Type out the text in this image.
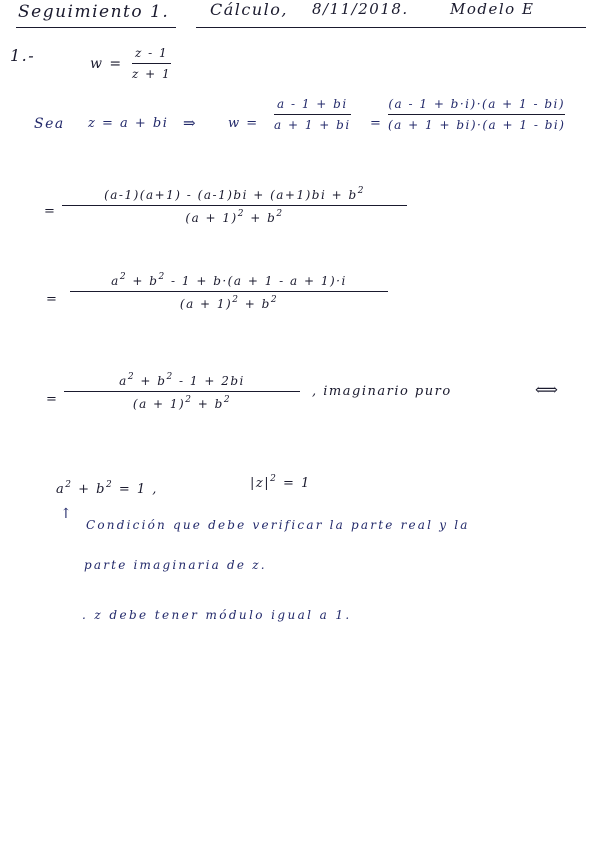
Seguimiento 1.	Cálculo, 8/11/2018.	Modelo E
1.-	w =
z - 1
z + 1
Sea z = a + bi ⇒ w =
a - 1 + bi
a + 1 + bi =
(a - 1 + b·i)·(a + 1 - bi)
(a + 1 + bi)·(a + 1 - bi)
=
$(a-1)(a+1) - (a-1)bi + (a+1)bi + b^2$
$(a + 1)^2 + b^2$
=
$a^2 + b^2 - 1 + b\cdot(a + 1 - a + 1)\cdot i$
$(a + 1)^2 + b^2$
=
$a^2 + b^2 - 1 + 2bi$
$(a + 1)^2 + b^2$
, imaginario puro	⟺
$a^2 + b^2 = 1$ ,	$|z|^2 = 1$
↑
Condición que debe verificar la parte real y la
parte imaginaria de z.
. z debe tener módulo igual a 1.
